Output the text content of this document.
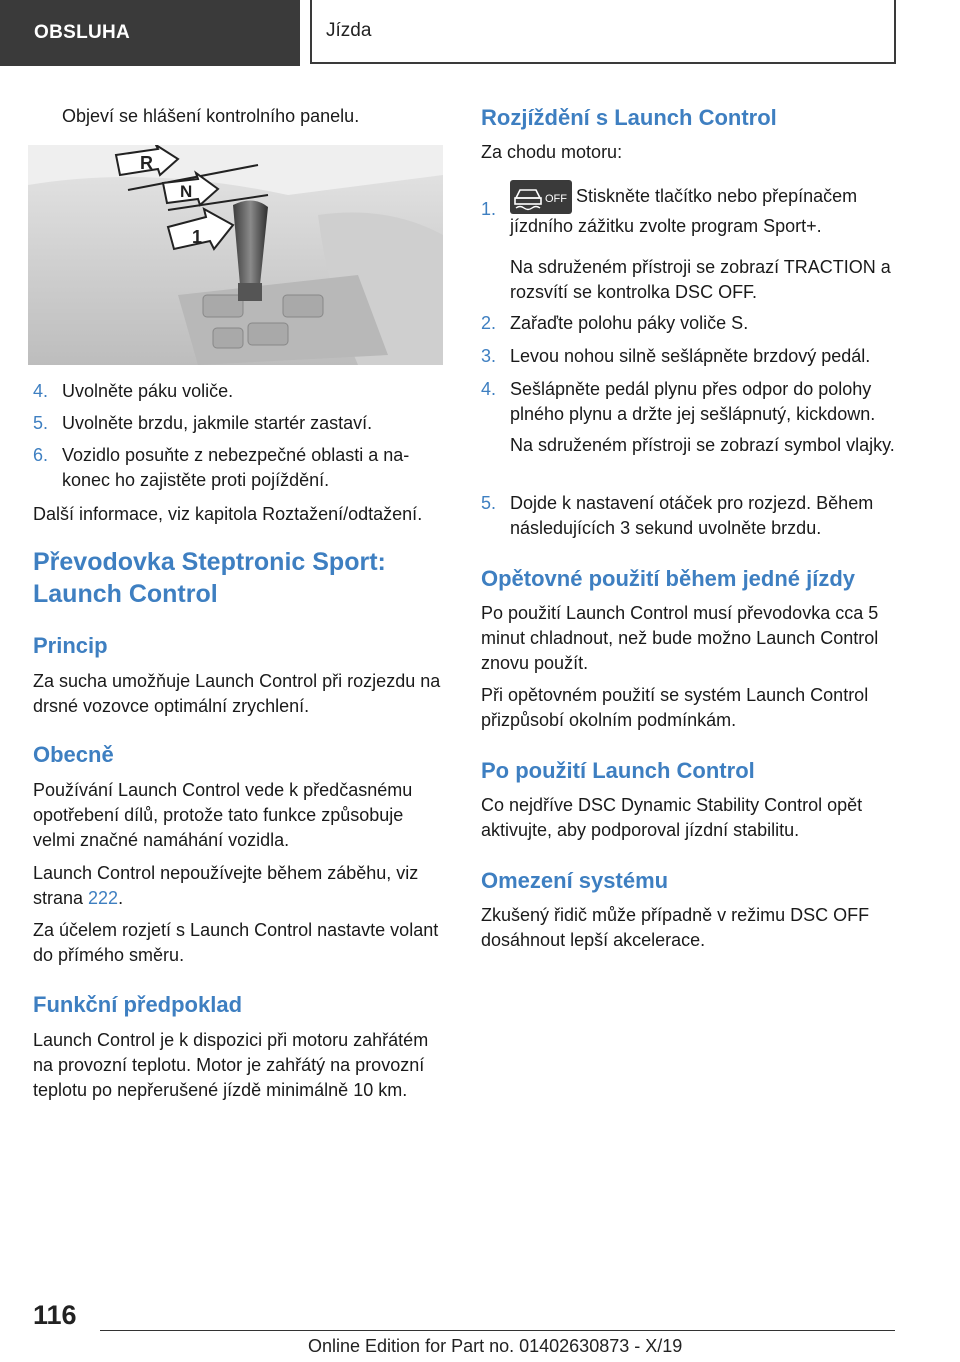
OBSLUHA	Jízda

Objeví se hlášení kontrolního panelu.

R
N
1
4. Uvolněte páku voliče.

5. Uvolněte brzdu, jakmile startér zastaví.

6. Vozidlo posuňte z nebezpečné oblasti a nakonec ho zajistěte proti pojíždění.

Další informace, viz kapitola Roztažení/odtažení.

Převodovka Steptronic Sport: Launch Control
Princip

Za sucha umožňuje Launch Control při rozjezdu na drsné vozovce optimální zrychlení.

Obecně

Používání Launch Control vede k předčasnému opotřebení dílů, protože tato funkce způsobuje velmi značné namáhání vozidla.

Launch Control nepoužívejte během záběhu, viz strana 222.

Za účelem rozjetí s Launch Control nastavte volant do přímého směru.

Funkční předpoklad

Launch Control je k dispozici při motoru zahřátém na provozní teplotu. Motor je zahřátý na provozní teplotu po nepřerušené jízdě minimálně 10 km.

Rozjíždění s Launch Control

Za chodu motoru:

1.	OFF Stiskněte tlačítko nebo přepínačem jízdního zážitku zvolte program Sport+.

Na sdruženém přístroji se zobrazí TRACTION a rozsvítí se kontrolka DSC OFF.

2. Zařaďte polohu páky voliče S.

3. Levou nohou silně sešlápněte brzdový pedál.

4. Sešlápněte pedál plynu přes odpor do polohy plného plynu a držte jej sešlápnutý, kickdown.

Na sdruženém přístroji se zobrazí symbol vlajky.

5. Dojde k nastavení otáček pro rozjezd. Během následujících 3 sekund uvolněte brzdu.

Opětovné použití během jedné jízdy

Po použití Launch Control musí převodovka cca 5 minut chladnout, než bude možno Launch Control znovu použít.

Při opětovném použití se systém Launch Control přizpůsobí okolním podmínkám.

Po použití Launch Control

Co nejdříve DSC Dynamic Stability Control opět aktivujte, aby podporoval jízdní stabilitu.

Omezení systému

Zkušený řidič může případně v režimu DSC OFF dosáhnout lepší akcelerace.

116
Online Edition for Part no. 01402630873 - X/19
